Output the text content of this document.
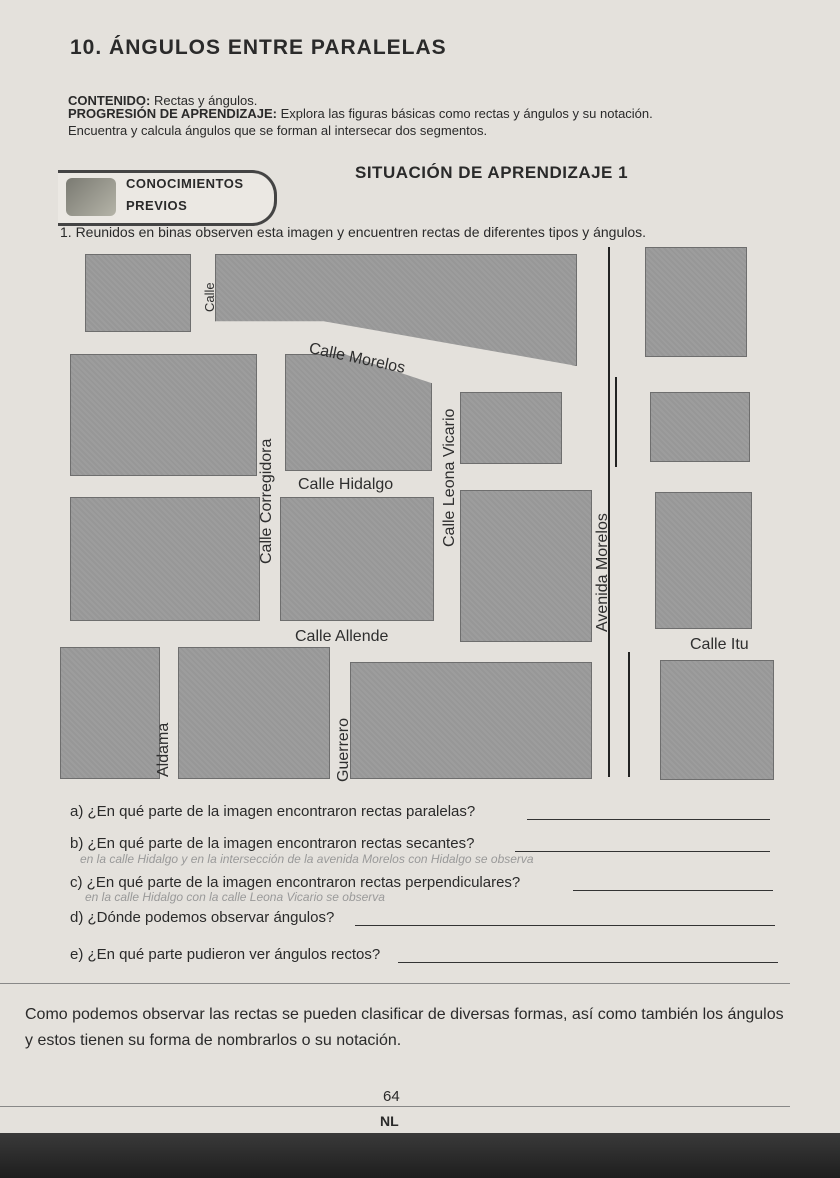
10. ÁNGULOS ENTRE PARALELAS
CONTENIDO: Rectas y ángulos.
PROGRESIÓN DE APRENDIZAJE: Explora las figuras básicas como rectas y ángulos y su notación.
Encuentra y calcula ángulos que se forman al intersecar dos segmentos.
CONOCIMIENTOS
PREVIOS
SITUACIÓN DE APRENDIZAJE 1
1. Reunidos en binas observen esta imagen y encuentren rectas de diferentes tipos y ángulos.
Calle
Calle Morelos
Calle Hidalgo
Calle Corregidora	Calle Leona Vicario
Avenida Morelos
Calle Allende	Calle Itu
Aldama	Guerrero
a) ¿En qué parte de la imagen encontraron rectas paralelas?
b) ¿En qué parte de la imagen encontraron rectas secantes?
en la calle Hidalgo y en la intersección de la avenida Morelos con Hidalgo se observa
c) ¿En qué parte de la imagen encontraron rectas perpendiculares?
en la calle Hidalgo con la calle Leona Vicario se observa
d) ¿Dónde podemos observar ángulos?
e) ¿En qué parte pudieron ver ángulos rectos?
Como podemos observar las rectas se pueden clasificar de diversas formas, así como también los ángulos y estos tienen su forma de nombrarlos o su notación.
64
NL
